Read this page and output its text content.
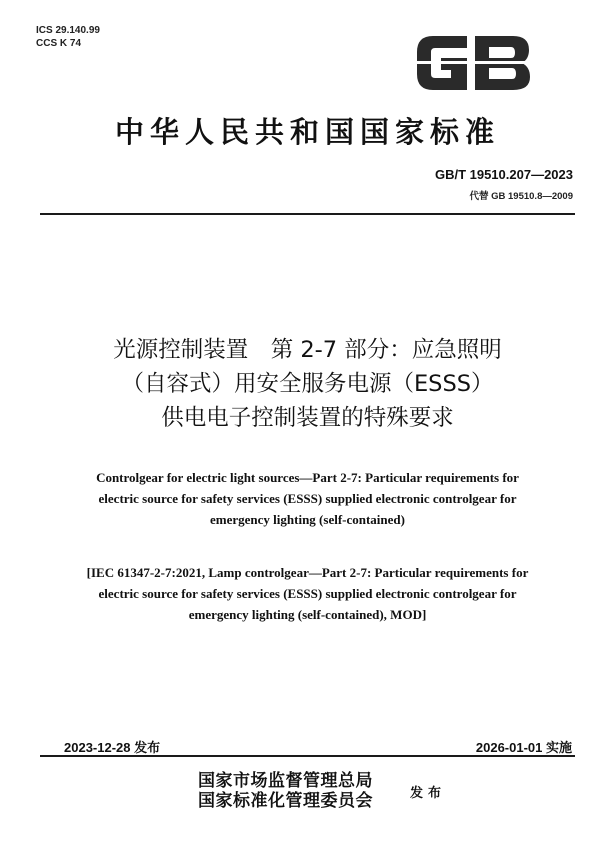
ICS 29.140.99
CCS K 74
中华人民共和国国家标准
GB/T 19510.207—2023
代替 GB 19510.8—2009
光源控制装置　第 2-7 部分：应急照明
（自容式）用安全服务电源（ESSS）
供电电子控制装置的特殊要求
Controlgear for electric light sources—Part 2-7: Particular requirements for
electric source for safety services (ESSS) supplied electronic controlgear for
emergency lighting (self-contained)
[IEC 61347-2-7:2021, Lamp controlgear—Part 2-7: Particular requirements for
electric source for safety services (ESSS) supplied electronic controlgear for
emergency lighting (self-contained), MOD]
2023-12-28 发布	2026-01-01 实施
国家市场监督管理总局
国家标准化管理委员会	发布
